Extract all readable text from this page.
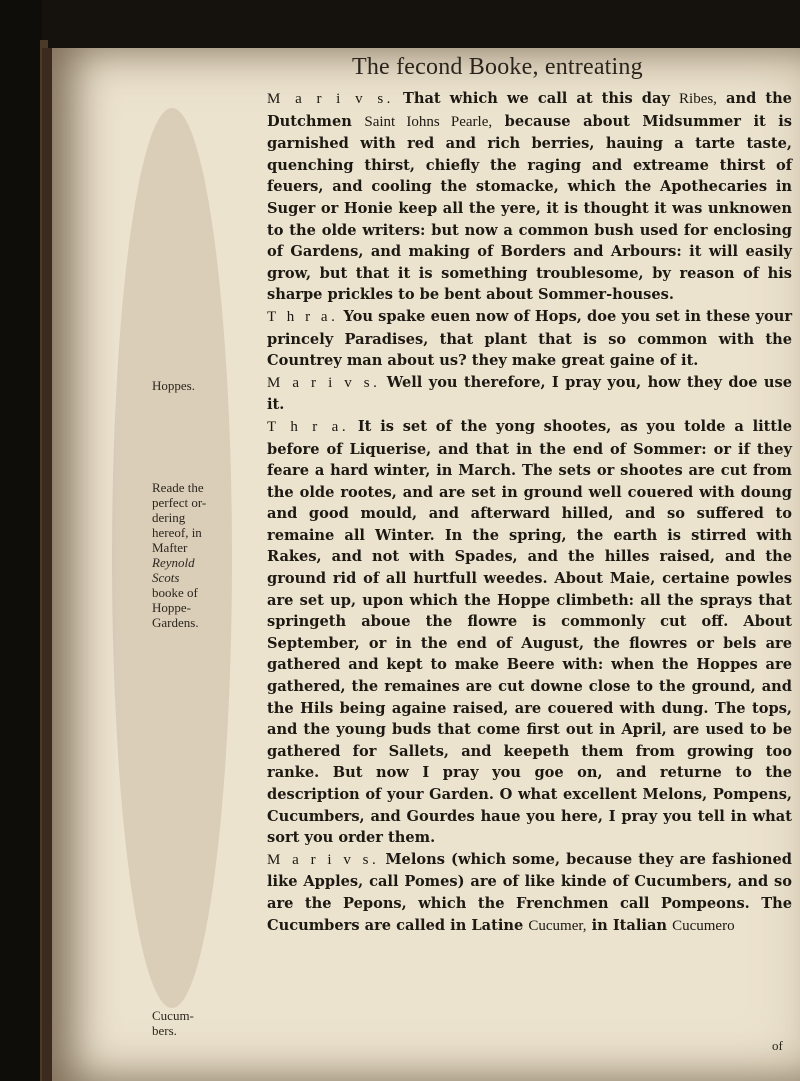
The fecond Booke, entreating
Hoppes.
Reade the
perfect or-
dering
hereof, in
Mafter
Reynold
Scots
booke of
Hoppe-
Gardens.
Cucum-
bers.

M a r i v s. That which we call at this day Ribes, and the Dutchmen Saint Iohns Pearle, because about Midsummer it is garnished with red and rich berries, hauing a tarte taste, quenching thirst, chiefly the raging and extreame thirst of feuers, and cooling the stomacke, which the Apothecaries in Suger or Honie keep all the yere, it is thought it was unknowen to the olde writers: but now a common bush used for enclosing of Gardens, and making of Borders and Arbours: it will easily grow, but that it is something troublesome, by reason of his sharpe prickles to be bent about Sommer-houses.

T h r a. You spake euen now of Hops, doe you set in these your princely Paradises, that plant that is so common with the Countrey man about us? they make great gaine of it.

M a r i v s. Well you therefore, I pray you, how they doe use it.

T h r a. It is set of the yong shootes, as you tolde a little before of Liquerise, and that in the end of Sommer: or if they feare a hard winter, in March. The sets or shootes are cut from the olde rootes, and are set in ground well couered with doung and good mould, and afterward hilled, and so suffered to remaine all Winter. In the spring, the earth is stirred with Rakes, and not with Spades, and the hilles raised, and the ground rid of all hurtfull weedes. About Maie, certaine powles are set up, upon which the Hoppe climbeth: all the sprays that springeth aboue the flowre is commonly cut off. About September, or in the end of August, the flowres or bels are gathered and kept to make Beere with: when the Hoppes are gathered, the remaines are cut downe close to the ground, and the Hils being againe raised, are couered with dung. The tops, and the young buds that come first out in April, are used to be gathered for Sallets, and keepeth them from growing too ranke. But now I pray you goe on, and returne to the description of your Garden. O what excellent Melons, Pompens, Cucumbers, and Gourdes haue you here, I pray you tell in what sort you order them.

M a r i v s. Melons (which some, because they are fashioned like Apples, call Pomes) are of like kinde of Cucumbers, and so are the Pepons, which the Frenchmen call Pompeons. The Cucumbers are called in Latine Cucumer, in Italian Cucumero

of
